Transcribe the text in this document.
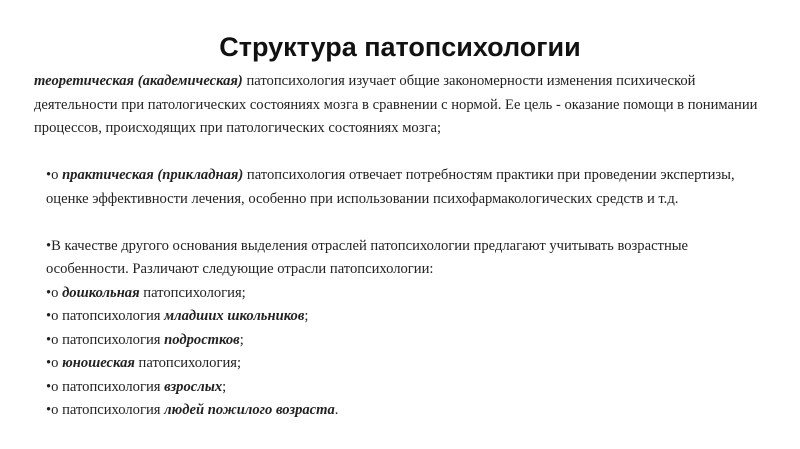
Структура патопсихологии

теоретическая (академическая) патопсихология изучает общие закономерности изменения психической деятельности при патологических состояниях мозга в сравнении с нормой. Ее цель - оказание помощи в понимании процессов, происходящих при патологических состояниях мозга;

•о практическая (прикладная) патопсихология отвечает потребностям практики при проведении экспертизы, оценке эффективности лечения, особенно при использовании психофармакологических средств и т.д.

•В качестве другого основания выделения отраслей патопсихологии предлагают учитывать возрастные особенности. Различают следующие отрасли патопсихологии:

•о дошкольная патопсихология;

•о патопсихология младших школьников;

•о патопсихология подростков;

•о юношеская патопсихология;

•о патопсихология взрослых;

•о патопсихология людей пожилого возраста.
